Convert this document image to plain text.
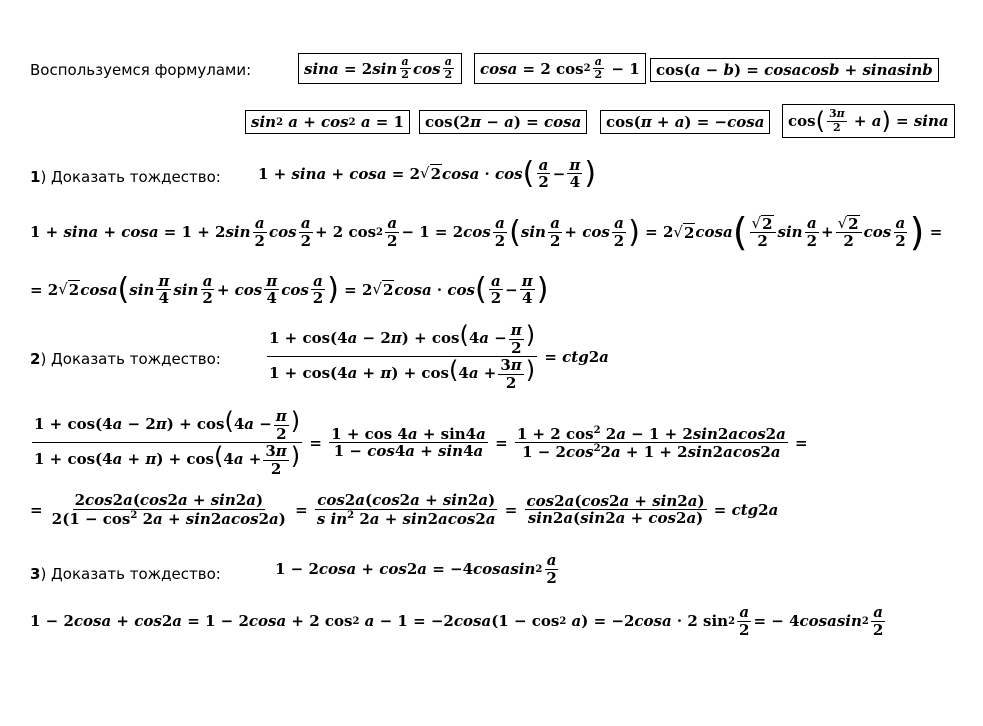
Воспользуемся формулами:	sina = 2 $\sin \frac{a}{2}$ $\cos \frac{a}{2}$ cosa = 2 $\cos 2 \frac{a}{2} - 1$	cos( a − b ) = cosacosb + sinasinb
sin 2
a + cos 2
a = 1	cos(2 π − a ) = cosa	cos( π + a ) = − cosa	cos ( $\frac{3\pi}{2} + a$ ) = sina
1 ) Доказать тождество: 1 + sina + cosa = 2 √ 2 cosa · cos ( $\frac{a}{2} - \frac{\pi}{4}$ )
1 + sina + cosa = 1 + 2 $\sin \frac{a}{2}$ $\cos \frac{a}{2} + 2$ $\cos 2 \frac{a}{2} - 1 = 2$ $\cos \frac{a}{2}$ ( $\sin \frac{a}{2} + \cos \frac{a}{2}$ ) = 2 √ 2 cosa ( $\frac{√ 2}{2}$ $\sin \frac{a}{2} + \frac{√ 2}{2}$ $\cos \frac{a}{2}$ ) =
= 2 √ 2 cosa ( $\sin \frac{\pi}{4}$ $\sin \frac{a}{2} + \cos \frac{\pi}{4}$ $\cos \frac{a}{2}$ ) = 2 √ 2 cosa · cos ( $\frac{a}{2} - \frac{\pi}{4}$ )
2 ) Доказать тождество:	$\frac{1 + \cos(4a - 2\pi) + \cos(4a - \frac{\pi}{2} )}{1 + \cos(4a + \pi) + \cos(4a + \frac{3\pi}{2} )}$ = ctg 2 a
$\frac{1 + \cos(4a - 2\pi) + \cos(4a - \frac{\pi}{2} )}{1 + \cos(4a + \pi) + \cos(4a + \frac{3\pi}{2} )} = \frac{1 + \cos 4a + \sin 4a}{1 - \cos 4a + \sin 4a} = \frac{1 + 2 \cos^2 2a - 1 + 2\sin 2acos2a}{1 - 2\cos^22a + 1 + 2\sin 2acos2a}$ =
= $\frac{2\cos 2a(\cos 2a + \sin 2a)}{2(1 - \cos^2 2a + \sin 2acos2a)} = \frac{\cos 2a(\cos 2a + \sin 2a)}{s in^2 2a + \sin 2acos2a} = \frac{\cos 2a(\cos 2a + \sin 2a)}{\sin 2a(\sin 2a + \cos 2a)}$ = ctg 2 a
3 ) Доказать тождество:	1 − 2 cosa + cos 2 a = −4 cosasin $2 \frac{a}{2}$
1 − 2 cosa + cos 2 a = 1 − 2 cosa + 2 cos 2
a − 1 = −2 cosa (1 − cos 2
a ) = −2 cosa · 2 $\sin 2 \frac{a}{2}$ = − 4 cosasin $2 \frac{a}{2}$
